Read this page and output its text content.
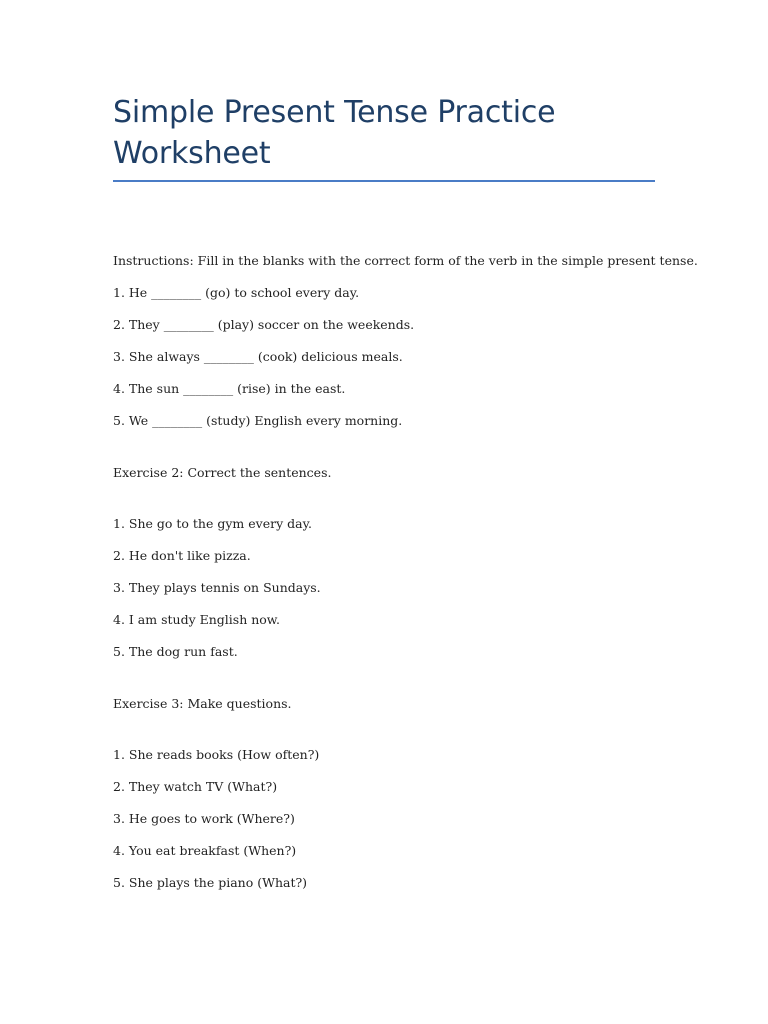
Simple Present Tense Practice
Worksheet
Instructions: Fill in the blanks with the correct form of the verb in the simple present tense.
1. He ________ (go) to school every day.
2. They ________ (play) soccer on the weekends.
3. She always ________ (cook) delicious meals.
4. The sun ________ (rise) in the east.
5. We ________ (study) English every morning.
Exercise 2: Correct the sentences.
1. She go to the gym every day.
2. He don't like pizza.
3. They plays tennis on Sundays.
4. I am study English now.
5. The dog run fast.
Exercise 3: Make questions.
1. She reads books (How often?)
2. They watch TV (What?)
3. He goes to work (Where?)
4. You eat breakfast (When?)
5. She plays the piano (What?)
